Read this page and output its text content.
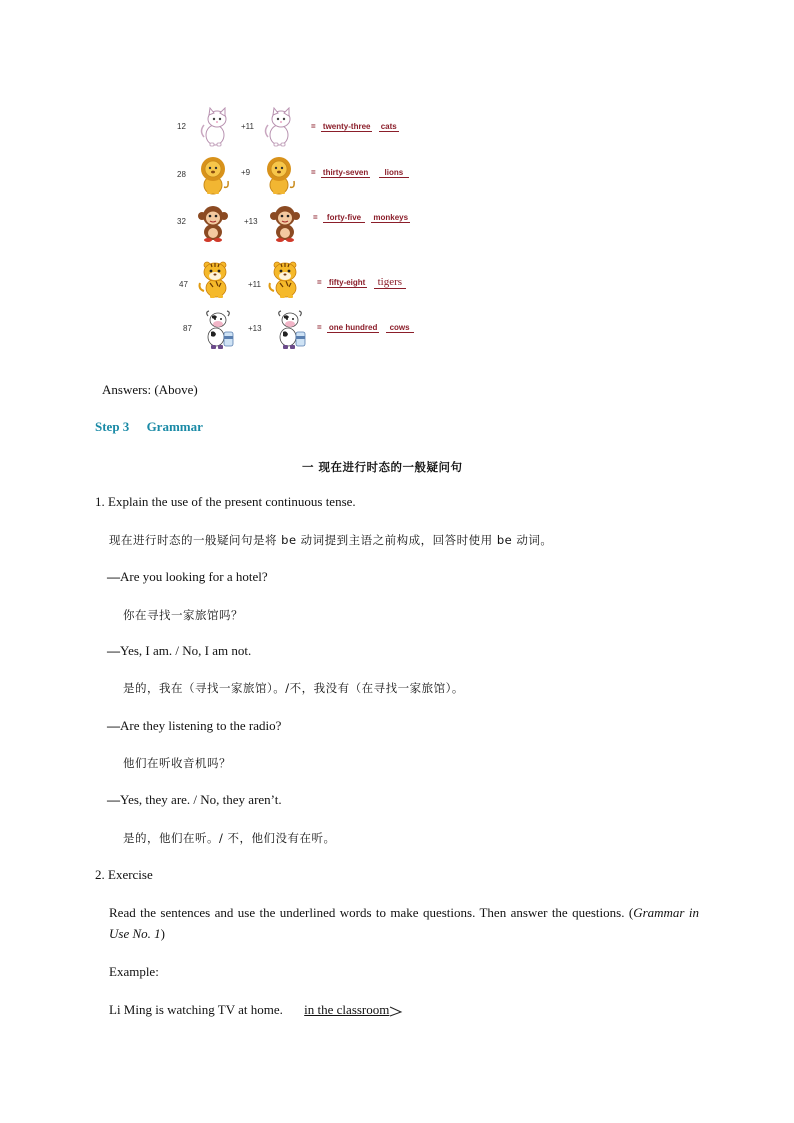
12	+11	= twenty-three cats
28	+9	= thirty-seven lions
32	+13	= forty-five monkeys
47	+11	= fifty-eight tigers
87	+13	= one hundred cows
Answers: (Above)
Step 3 Grammar
一 现在进行时态的一般疑问句
1. Explain the use of the present continuous tense.
现在进行时态的一般疑问句是将 be 动词提到主语之前构成，回答时使用 be 动词。
—Are you looking for a hotel?
你在寻找一家旅馆吗？
—Yes, I am. / No, I am not.
是的，我在（寻找一家旅馆）。/不，我没有（在寻找一家旅馆）。
—Are they listening to the radio?
他们在听收音机吗？
—Yes, they are. / No, they aren’t.
是的，他们在听。/ 不，他们没有在听。
2. Exercise
Read the sentences and use the underlined words to make questions. Then answer the questions. (Grammar in Use No. 1)
Example:
Li Ming is watching TV at home. in the classroom
